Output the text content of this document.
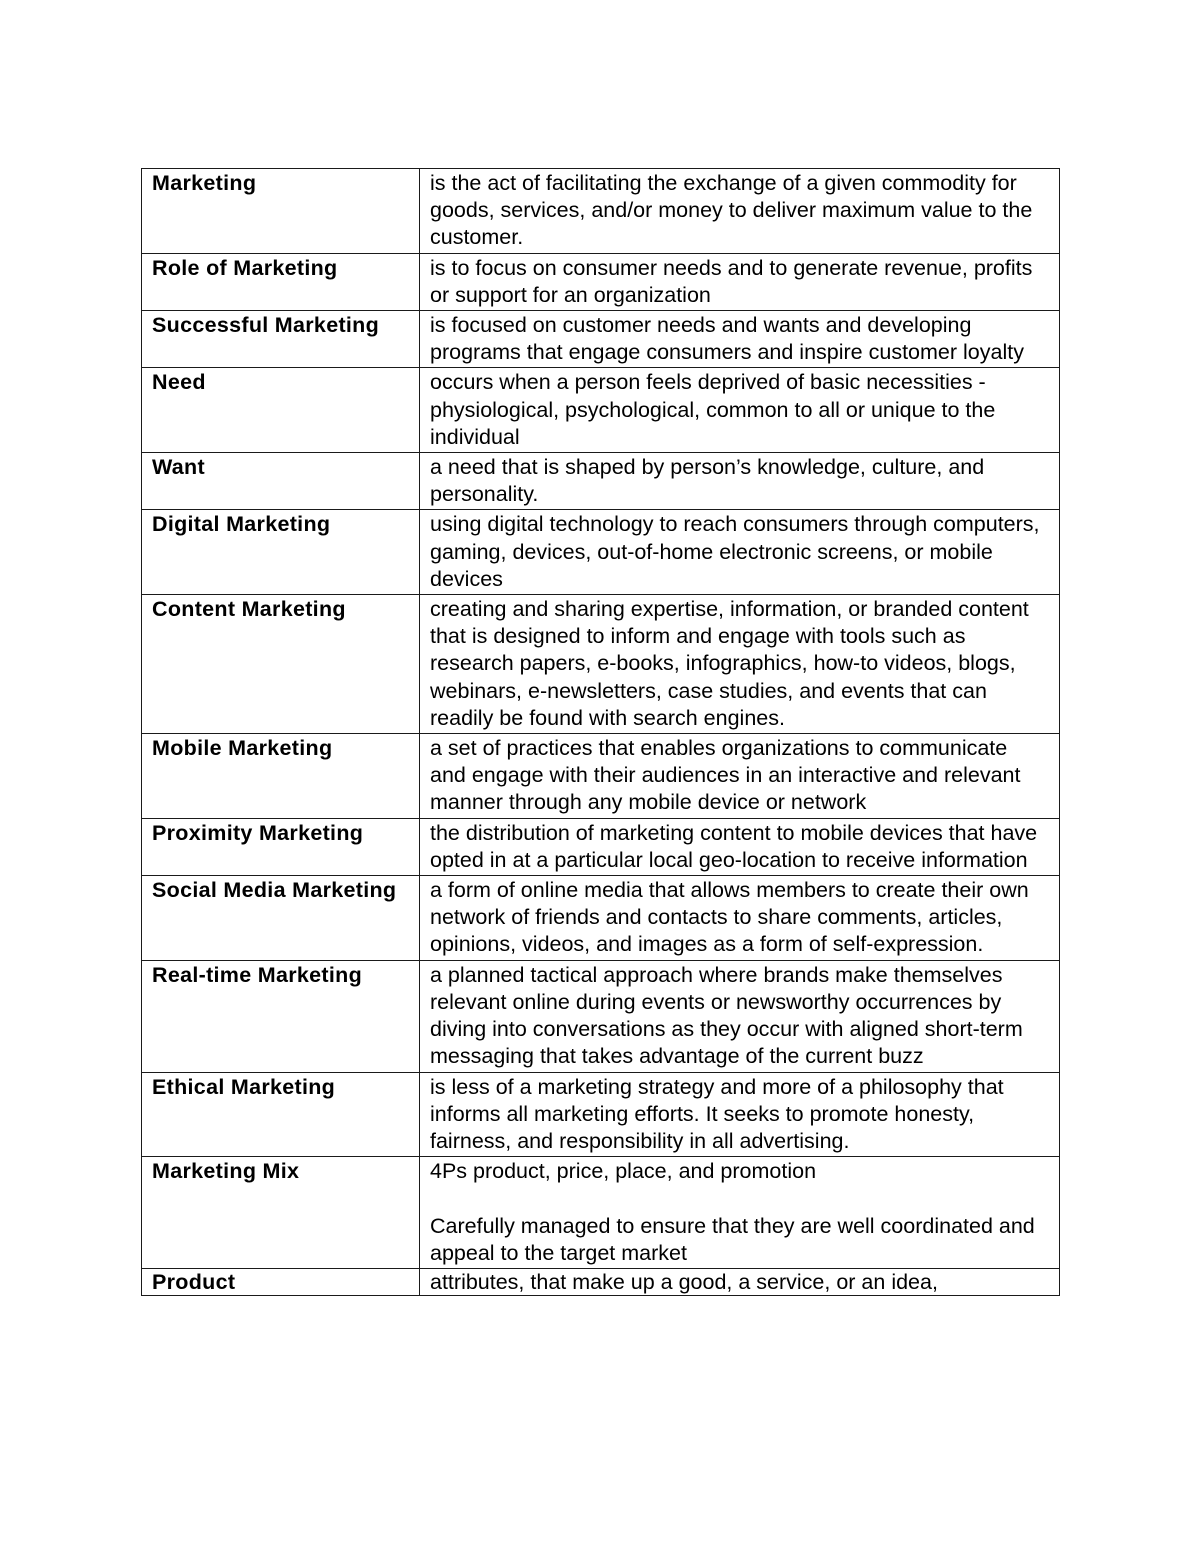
Marketing	is the act of facilitating the exchange of a given commodity for goods, services, and/or money to deliver maximum value to the customer.
Role of Marketing	is to focus on consumer needs and to generate revenue, profits or support for an organization
Successful Marketing	is focused on customer needs and wants and developing programs that engage consumers and inspire customer loyalty
Need	occurs when a person feels deprived of basic necessities -physiological, psychological, common to all or unique to the individual
Want	a need that is shaped by person’s knowledge, culture, and personality.
Digital Marketing	using digital technology to reach consumers through computers, gaming, devices, out-of-home electronic screens, or mobile devices
Content Marketing	creating and sharing expertise, information, or branded content that is designed to inform and engage with tools such as research papers, e-books, infographics, how-to videos, blogs, webinars, e-newsletters, case studies, and events that can readily be found with search engines.
Mobile Marketing	a set of practices that enables organizations to communicate and engage with their audiences in an interactive and relevant manner through any mobile device or network
Proximity Marketing	the distribution of marketing content to mobile devices that have opted in at a particular local geo-location to receive information
Social Media Marketing	a form of online media that allows members to create their own network of friends and contacts to share comments, articles, opinions, videos, and images as a form of self-expression.
Real-time Marketing	a planned tactical approach where brands make themselves relevant online during events or newsworthy occurrences by diving into conversations as they occur with aligned short-term messaging that takes advantage of the current buzz
Ethical Marketing	is less of a marketing strategy and more of a philosophy that informs all marketing efforts. It seeks to promote honesty, fairness, and responsibility in all advertising.
Marketing Mix	4Ps product, price, place, and promotion

Carefully managed to ensure that they are well coordinated and appeal to the target market
Product	attributes, that make up a good, a service, or an idea,
